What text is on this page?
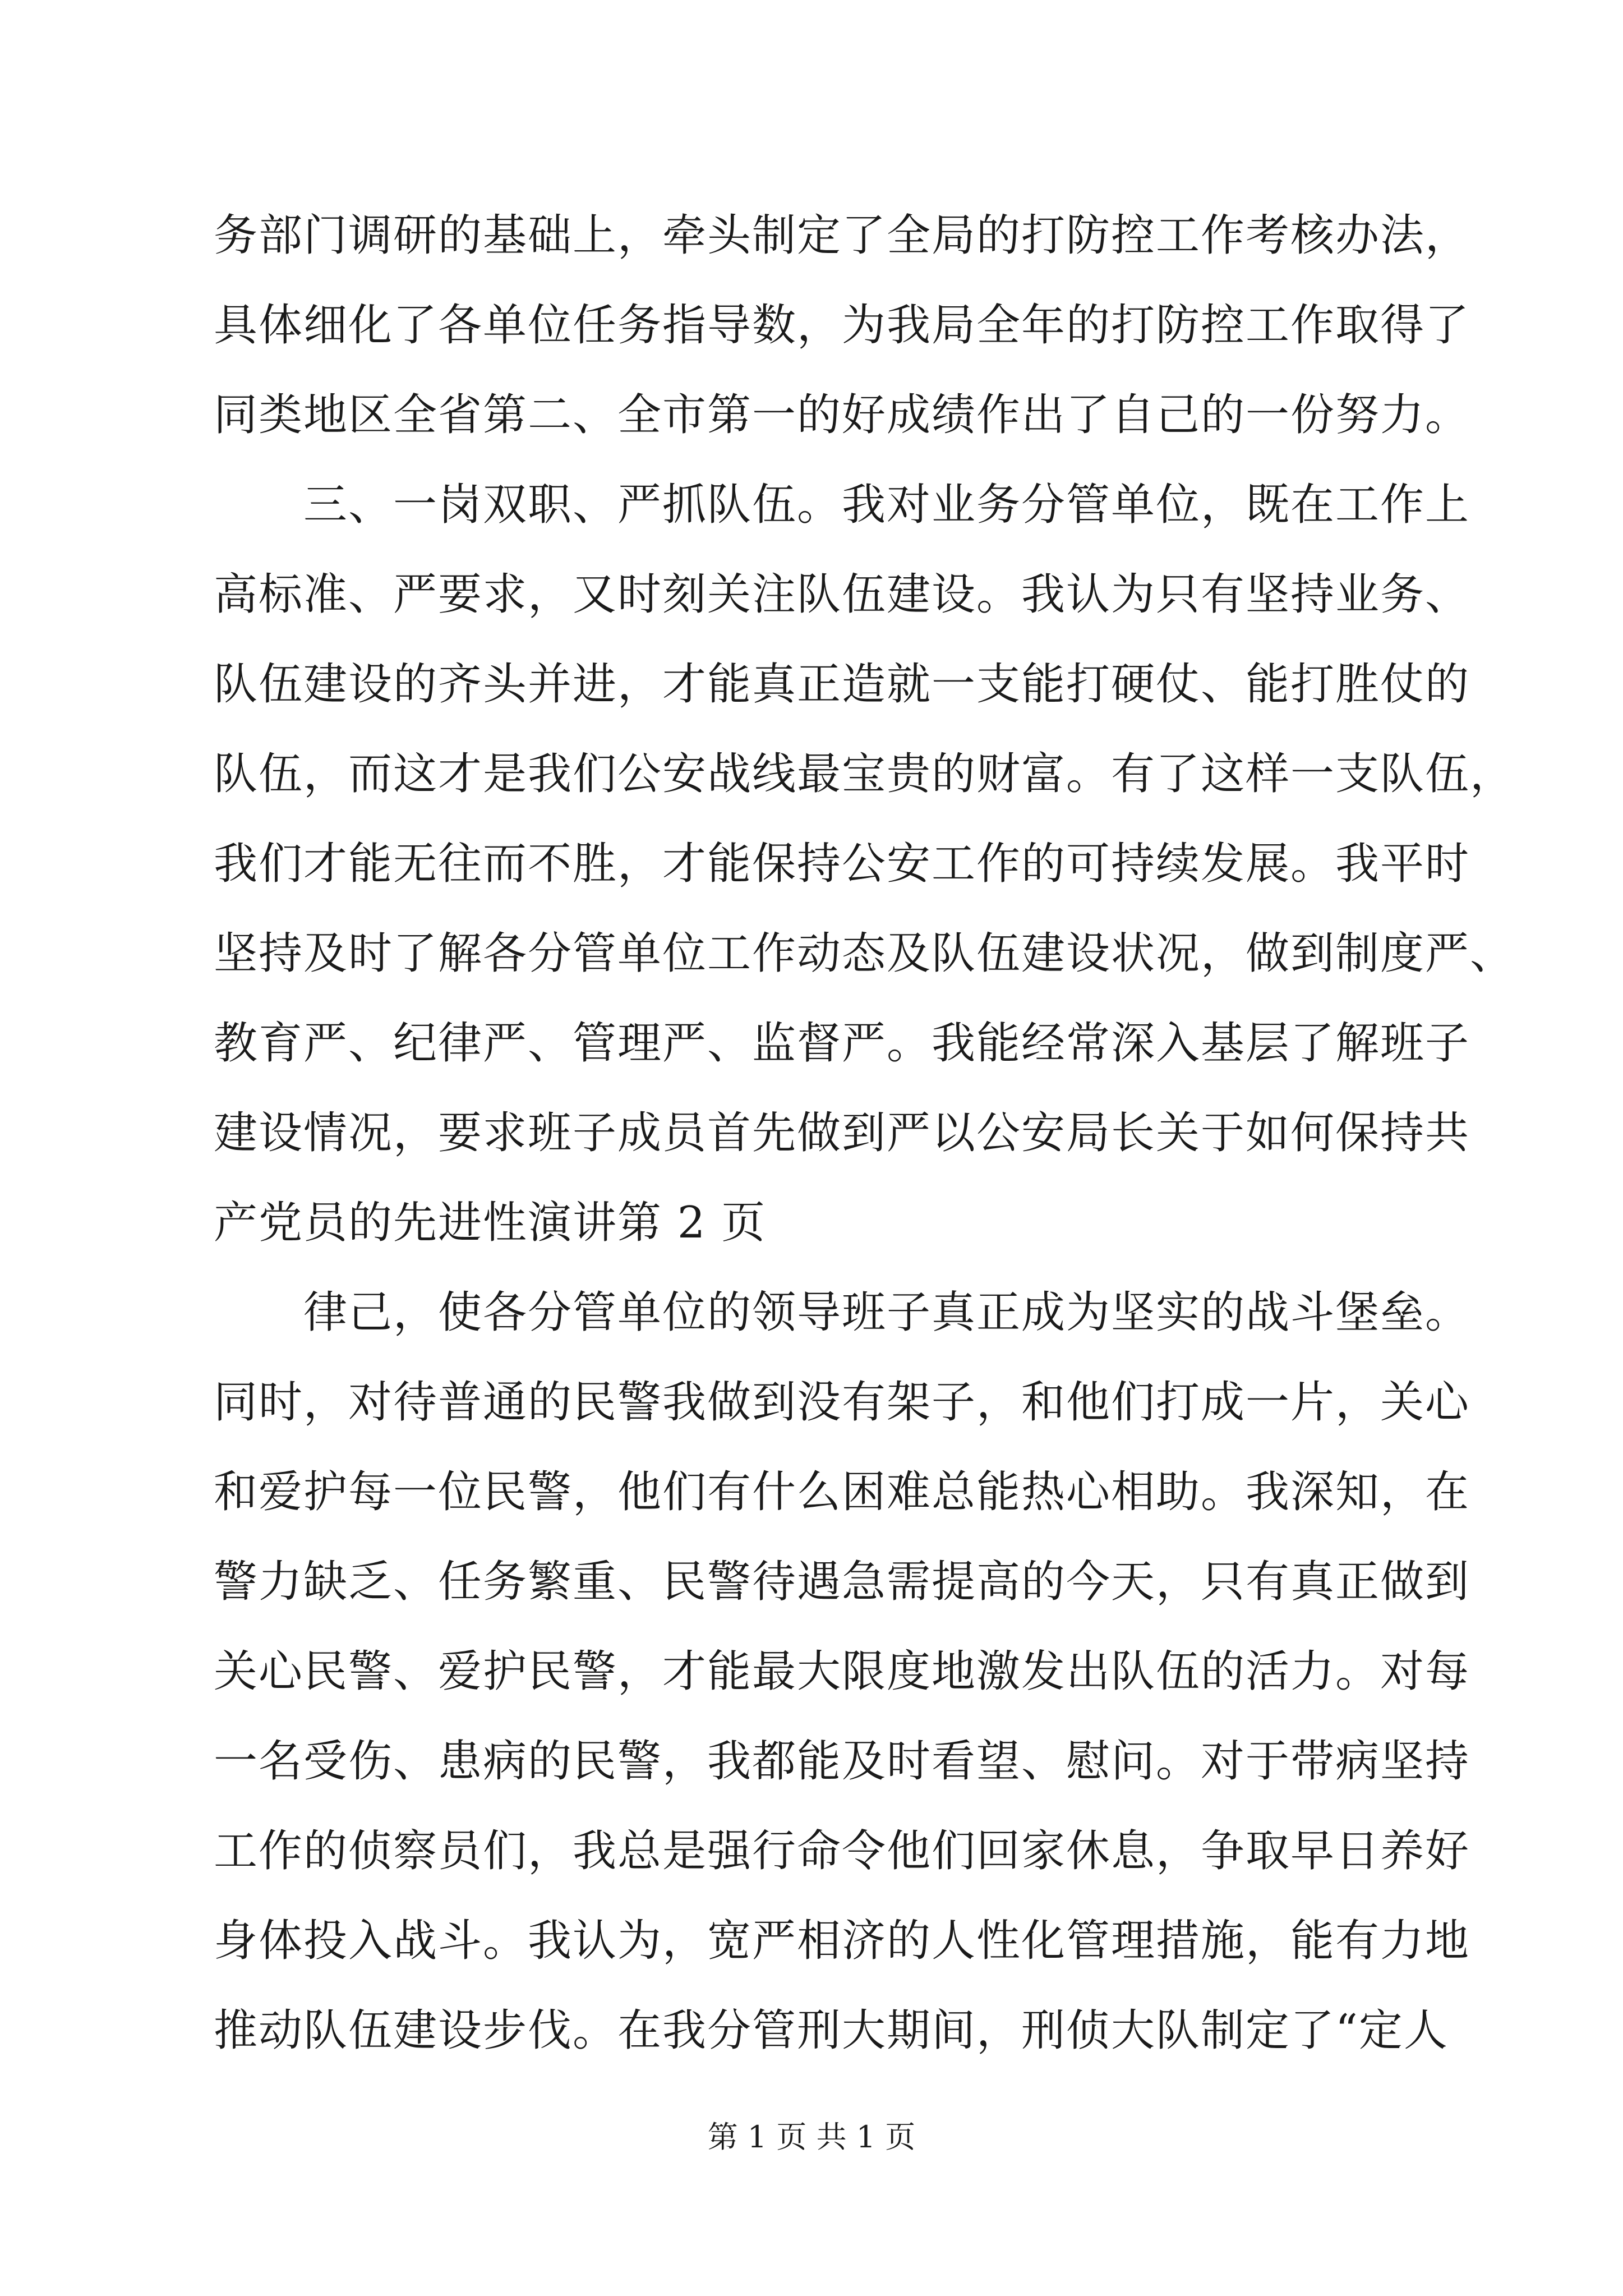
务部门调研的基础上，牵头制定了全局的打防控工作考核办法，
具体细化了各单位任务指导数，为我局全年的打防控工作取得了
同类地区全省第二、全市第一的好成绩作出了自己的一份努力。
　　三、一岗双职、严抓队伍。我对业务分管单位，既在工作上
高标准、严要求，又时刻关注队伍建设。我认为只有坚持业务、
队伍建设的齐头并进，才能真正造就一支能打硬仗、能打胜仗的
队伍，而这才是我们公安战线最宝贵的财富。有了这样一支队伍，
我们才能无往而不胜，才能保持公安工作的可持续发展。我平时
坚持及时了解各分管单位工作动态及队伍建设状况，做到制度严、
教育严、纪律严、管理严、监督严。我能经常深入基层了解班子
建设情况，要求班子成员首先做到严以公安局长关于如何保持共
产党员的先进性演讲第 2 页
　　律己，使各分管单位的领导班子真正成为坚实的战斗堡垒。
同时，对待普通的民警我做到没有架子，和他们打成一片，关心
和爱护每一位民警，他们有什么困难总能热心相助。我深知，在
警力缺乏、任务繁重、民警待遇急需提高的今天，只有真正做到
关心民警、爱护民警，才能最大限度地激发出队伍的活力。对每
一名受伤、患病的民警，我都能及时看望、慰问。对于带病坚持
工作的侦察员们，我总是强行命令他们回家休息，争取早日养好
身体投入战斗。我认为，宽严相济的人性化管理措施，能有力地
推动队伍建设步伐。在我分管刑大期间，刑侦大队制定了“定人
第 1 页 共 1 页
